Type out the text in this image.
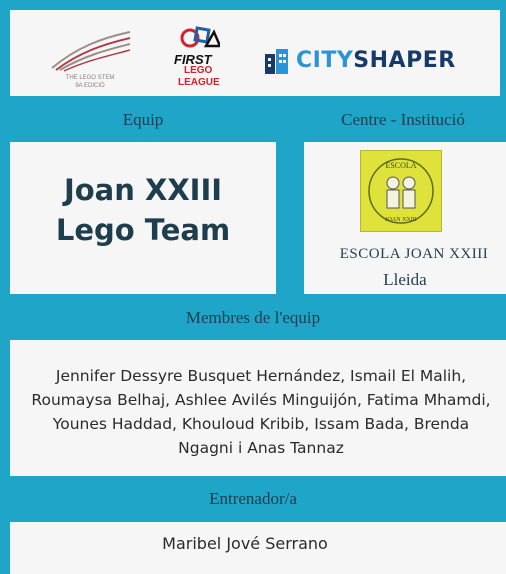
THE LEGO STEM
9A EDICIÓ
FIRST
LEGO
LEAGUE
CITYSHAPER
Equip	Centre - Institució
Joan XXIII
Lego Team
ESCOLA
JOAN XXIII
ESCOLA JOAN XXIII
Lleida
Membres de l'equip
Jennifer Dessyre Busquet Hernández, Ismail El Malih, Roumaysa Belhaj, Ashlee Avilés Minguijón, Fatima Mhamdi, Younes Haddad, Khouloud Kribib, Issam Bada, Brenda Ngagni i Anas Tannaz
Entrenador/a
Maribel Jové Serrano
